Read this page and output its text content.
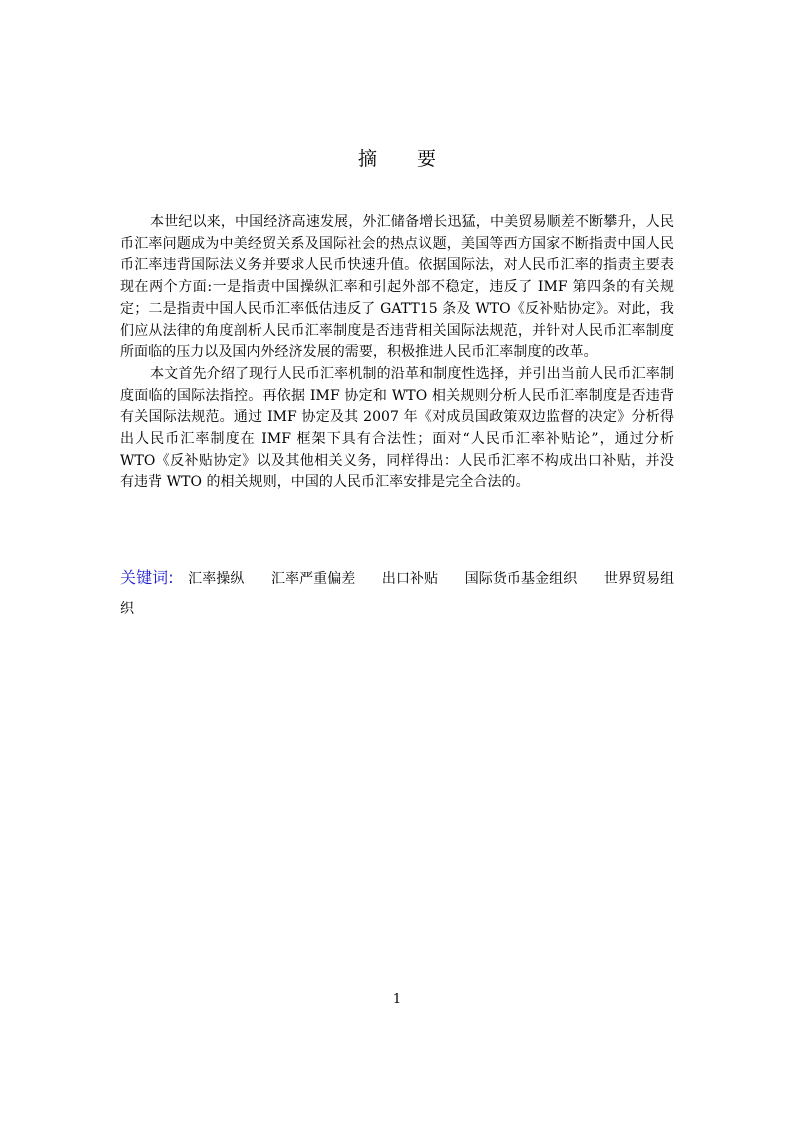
摘 要

本世纪以来，中国经济高速发展，外汇储备增长迅猛，中美贸易顺差不断攀升，人民币汇率问题成为中美经贸关系及国际社会的热点议题，美国等西方国家不断指责中国人民币汇率违背国际法义务并要求人民币快速升值。依据国际法，对人民币汇率的指责主要表现在两个方面:一是指责中国操纵汇率和引起外部不稳定，违反了 IMF 第四条的有关规定；二是指责中国人民币汇率低估违反了 GATT15 条及 WTO《反补贴协定》。对此，我们应从法律的角度剖析人民币汇率制度是否违背相关国际法规范，并针对人民币汇率制度所面临的压力以及国内外经济发展的需要，积极推进人民币汇率制度的改革。

本文首先介绍了现行人民币汇率机制的沿革和制度性选择，并引出当前人民币汇率制度面临的国际法指控。再依据 IMF 协定和 WTO 相关规则分析人民币汇率制度是否违背有关国际法规范。通过 IMF 协定及其 2007 年《对成员国政策双边监督的决定》分析得出人民币汇率制度在 IMF 框架下具有合法性；面对“人民币汇率补贴论”，通过分析 WTO《反补贴协定》以及其他相关义务，同样得出：人民币汇率不构成出口补贴，并没有违背 WTO 的相关规则，中国的人民币汇率安排是完全合法的。

关键词: 汇率操纵 汇率严重偏差 出口补贴 国际货币基金组织 世界贸易组织
1
